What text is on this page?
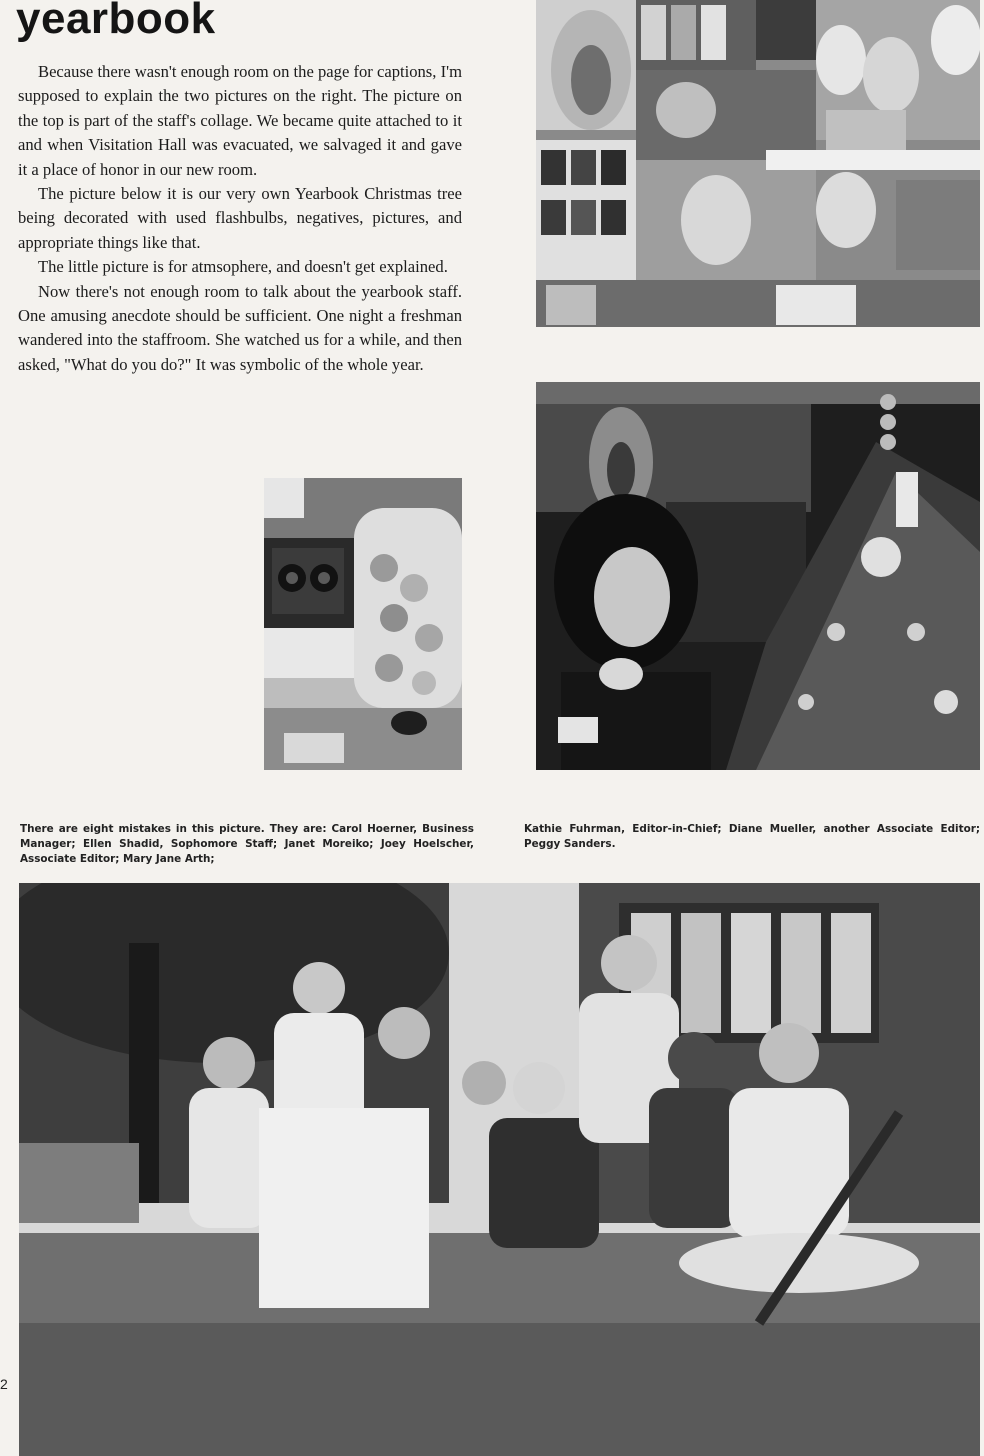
yearbook

Because there wasn't enough room on the page for captions, I'm supposed to explain the two pictures on the right. The picture on the top is part of the staff's collage. We became quite attached to it and when Visitation Hall was evacuated, we salvaged it and gave it a place of honor in our new room.

The picture below it is our very own Yearbook Christmas tree being decorated with used flashbulbs, negatives, pictures, and appropriate things like that.

The little picture is for atmsophere, and doesn't get explained.

Now there's not enough room to talk about the yearbook staff. One amusing anecdote should be sufficient. One night a freshman wandered into the staffroom. She watched us for a while, and then asked, "What do you do?" It was symbolic of the whole year.

There are eight mistakes in this picture. They are: Carol Hoerner, Business Manager; Ellen Shadid, Sophomore Staff; Janet Moreiko; Joey Hoelscher, Associate Editor; Mary Jane Arth;
Kathie Fuhrman, Editor-in-Chief; Diane Mueller, another Associate Editor; Peggy Sanders.
2
